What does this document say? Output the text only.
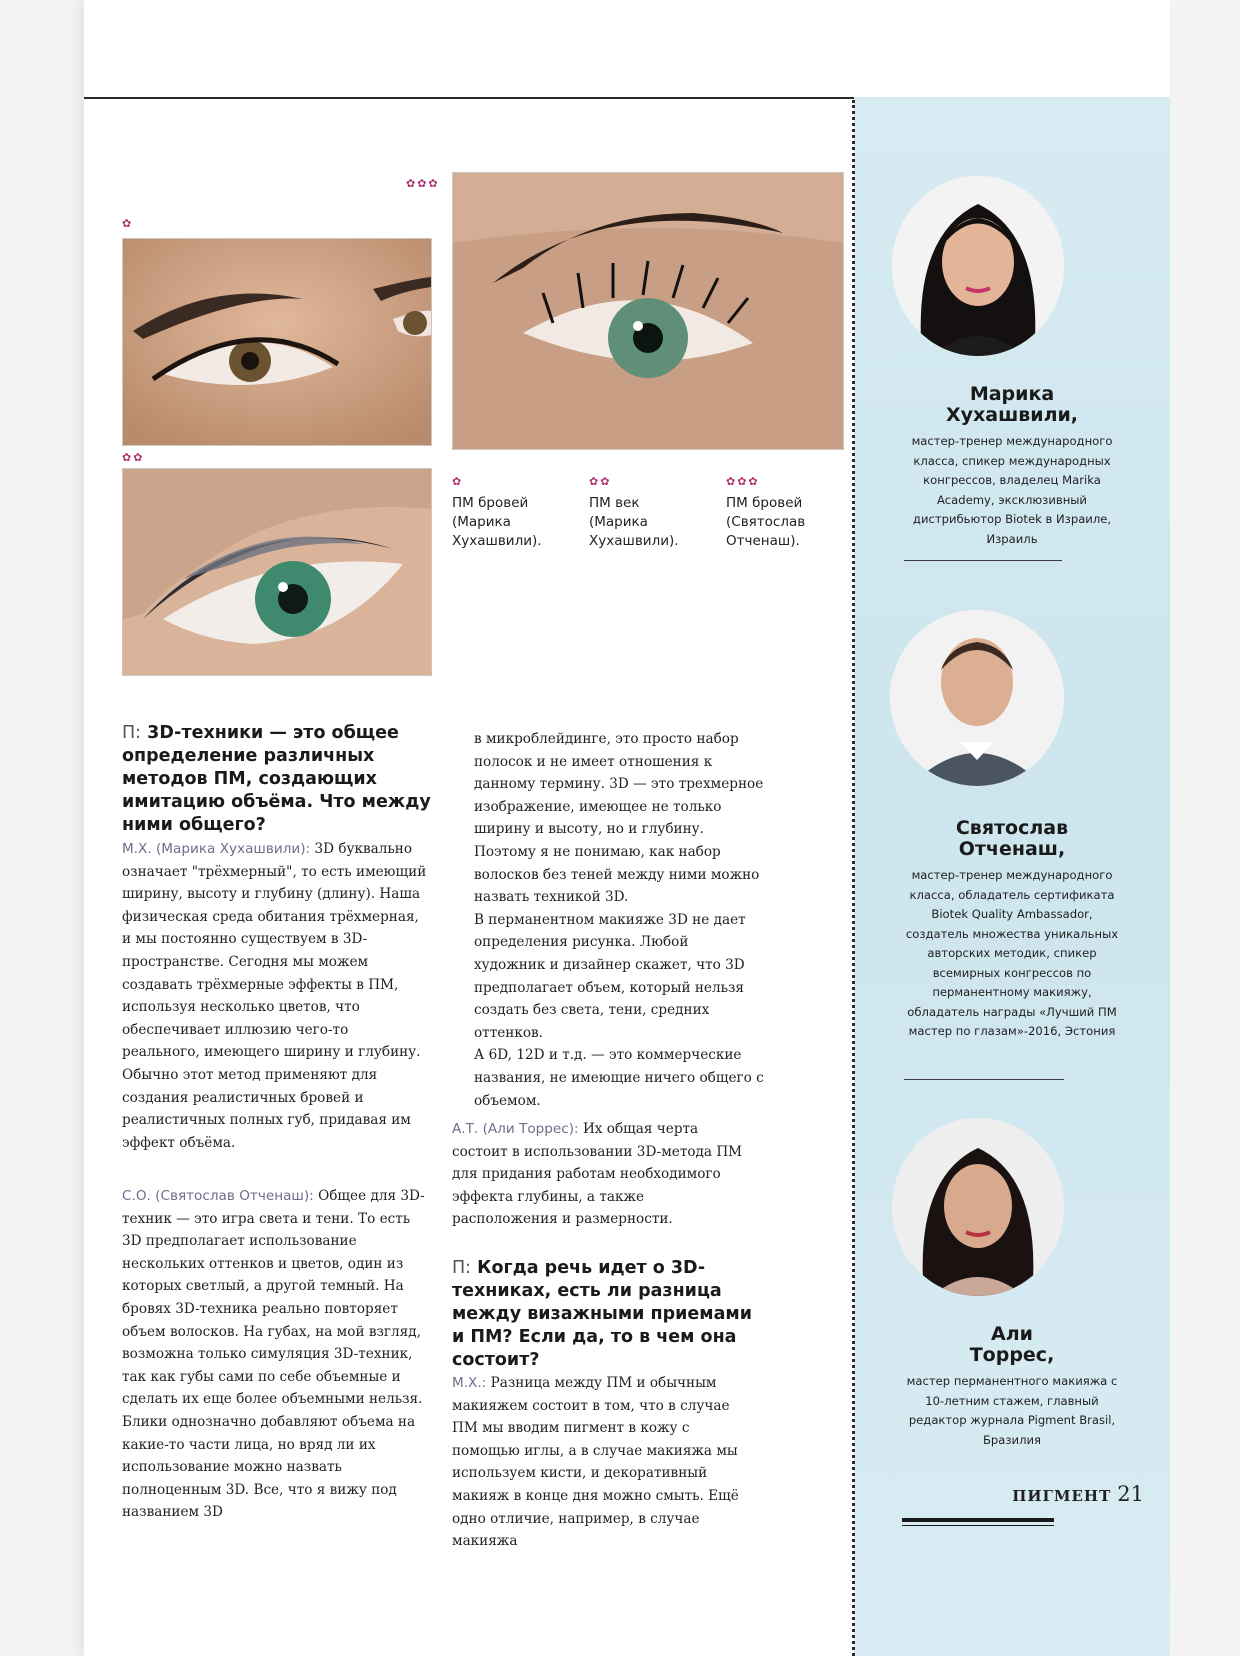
✿
✿✿
✿✿✿
✿
ПМ бровей (Марика Хухашвили).
✿✿
ПМ век (Марика Хухашвили).
✿✿✿
ПМ бровей (Святослав Отченаш).
П: 3D-техники — это общее определение различных методов ПМ, создающих имитацию объёма. Что между ними общего?
М.Х. (Марика Хухашвили): 3D буквально означает "трёхмерный", то есть имеющий ширину, высоту и глубину (длину). Наша физическая среда обитания трёхмерная, и мы постоянно существуем в 3D-пространстве. Сегодня мы можем создавать трёхмерные эффекты в ПМ, используя несколько цветов, что обеспечивает иллюзию чего-то реального, имеющего ширину и глубину. Обычно этот метод применяют для создания реалистичных бровей и реалистичных полных губ, придавая им эффект объёма.
С.О. (Святослав Отченаш): Общее для 3D-техник — это игра света и тени. То есть 3D предполагает использование нескольких оттенков и цветов, один из которых светлый, а другой темный. На бровях 3D-техника реально повторяет объем волосков. На губах, на мой взгляд, возможна только симуляция 3D-техник, так как губы сами по себе объемные и сделать их еще более объемными нельзя. Блики однозначно добавляют объема на какие-то части лица, но вряд ли их использование можно назвать полноценным 3D. Все, что я вижу под названием 3D
в микроблейдинге, это просто набор полосок и не имеет отношения к данному термину. 3D — это трехмерное изображение, имеющее не только ширину и высоту, но и глубину. Поэтому я не понимаю, как набор волосков без теней между ними можно назвать техникой 3D.
В перманентном макияже 3D не дает определения рисунка. Любой художник и дизайнер скажет, что 3D предполагает объем, который нельзя создать без света, тени, средних оттенков.
А 6D, 12D и т.д. — это коммерческие названия, не имеющие ничего общего с объемом.
А.Т. (Али Торрес): Их общая черта состоит в использовании 3D-метода ПМ для придания работам необходимого эффекта глубины, а также расположения и размерности.
П: Когда речь идет о 3D-техниках, есть ли разница между визажными приемами и ПМ? Если да, то в чем она состоит?
М.Х.: Разница между ПМ и обычным макияжем состоит в том, что в случае ПМ мы вводим пигмент в кожу с помощью иглы, а в случае макияжа мы используем кисти, и декоративный макияж в конце дня можно смыть. Ещё одно отличие, например, в случае макияжа
Марика
Хухашвили,
мастер-тренер международного класса, спикер международных конгрессов, владелец Marika Academy, эксклюзивный дистрибьютор Biotek в Израиле, Израиль
Святослав
Отченаш,
мастер-тренер международного класса, обладатель сертификата Biotek Quality Ambassador, создатель множества уникальных авторских методик, спикер всемирных конгрессов по перманентному макияжу, обладатель награды «Лучший ПМ мастер по глазам»-2016, Эстония
Али
Торрес,
мастер перманентного макияжа с 10-летним стажем, главный редактор журнала Pigment Brasil, Бразилия
ПИГМЕНТ 21
